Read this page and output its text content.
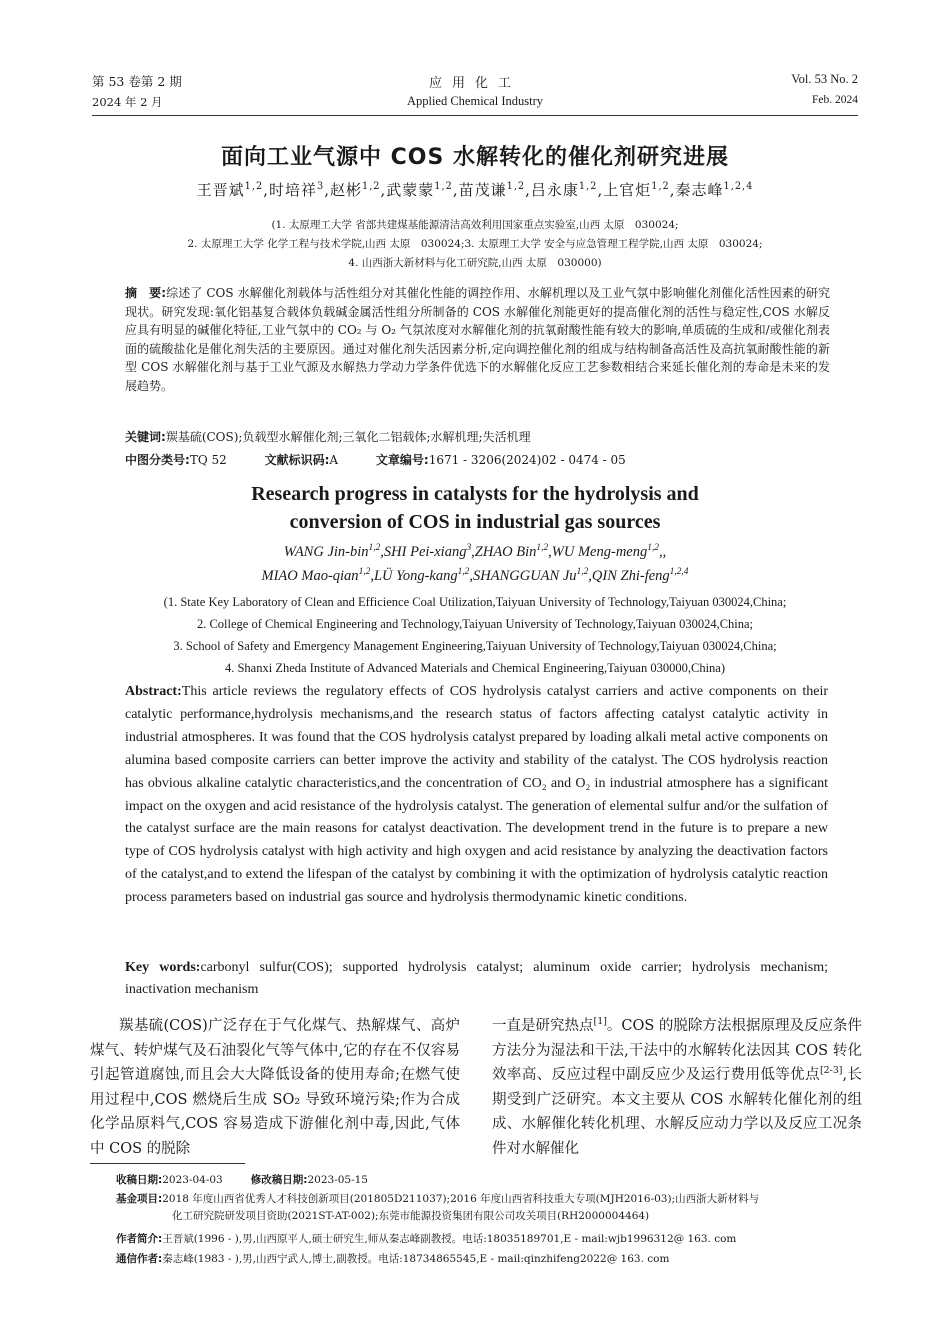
第 53 卷第 2 期
2024 年 2 月
应用化工
Applied Chemical Industry
Vol. 53 No. 2
Feb. 2024
面向工业气源中 COS 水解转化的催化剂研究进展
王晋斌$^{1,2}$,时培祥$^3$,赵彬$^{1,2}$,武蒙蒙$^{1,2}$,苗茂谦$^{1,2}$,吕永康$^{1,2}$,上官炬$^{1,2}$,秦志峰$^{1,2,4}$
(1. 太原理工大学 省部共建煤基能源清洁高效利用国家重点实验室,山西 太原　030024;
2. 太原理工大学 化学工程与技术学院,山西 太原　030024;3. 太原理工大学 安全与应急管理工程学院,山西 太原　030024;
4. 山西浙大新材料与化工研究院,山西 太原　030000)
摘　要:综述了 COS 水解催化剂载体与活性组分对其催化性能的调控作用、水解机理以及工业气氛中影响催化剂催化活性因素的研究现状。研究发现:氧化铝基复合载体负载碱金属活性组分所制备的 COS 水解催化剂能更好的提高催化剂的活性与稳定性,COS 水解反应具有明显的碱催化特征,工业气氛中的 CO₂ 与 O₂ 气氛浓度对水解催化剂的抗氧耐酸性能有较大的影响,单质硫的生成和/或催化剂表面的硫酸盐化是催化剂失活的主要原因。通过对催化剂失活因素分析,定向调控催化剂的组成与结构制备高活性及高抗氧耐酸性能的新型 COS 水解催化剂与基于工业气源及水解热力学动力学条件优选下的水解催化反应工艺参数相结合来延长催化剂的寿命是未来的发展趋势。
关键词:羰基硫(COS);负载型水解催化剂;三氧化二铝载体;水解机理;失活机理
中图分类号:TQ 52	文献标识码:A	文章编号:1671 - 3206(2024)02 - 0474 - 05
Research progress in catalysts for the hydrolysis and
conversion of COS in industrial gas sources
WANG Jin-bin$^{1,2}$,SHI Pei-xiang$^3$,ZHAO Bin$^{1,2}$,WU Meng-meng$^{1,2}$,,
MIAO Mao-qian$^{1,2}$,LÜ Yong-kang$^{1,2}$,SHANGGUAN Ju$^{1,2}$,QIN Zhi-feng$^{1,2,4}$
(1. State Key Laboratory of Clean and Efficience Coal Utilization,Taiyuan University of Technology,Taiyuan 030024,China;
2. College of Chemical Engineering and Technology,Taiyuan University of Technology,Taiyuan 030024,China;
3. School of Safety and Emergency Management Engineering,Taiyuan University of Technology,Taiyuan 030024,China;
4. Shanxi Zheda Institute of Advanced Materials and Chemical Engineering,Taiyuan 030000,China)
Abstract:This article reviews the regulatory effects of COS hydrolysis catalyst carriers and active components on their catalytic performance,hydrolysis mechanisms,and the research status of factors affecting catalyst catalytic activity in industrial atmospheres. It was found that the COS hydrolysis catalyst prepared by loading alkali metal active components on alumina based composite carriers can better improve the activity and stability of the catalyst. The COS hydrolysis reaction has obvious alkaline catalytic characteristics,and the concentration of CO₂ and O₂ in industrial atmosphere has a significant impact on the oxygen and acid resistance of the hydrolysis catalyst. The generation of elemental sulfur and/or the sulfation of the catalyst surface are the main reasons for catalyst deactivation. The development trend in the future is to prepare a new type of COS hydrolysis catalyst with high activity and high oxygen and acid resistance by analyzing the deactivation factors of the catalyst,and to extend the lifespan of the catalyst by combining it with the optimization of hydrolysis catalytic reaction process parameters based on industrial gas source and hydrolysis thermodynamic kinetic conditions.
Key words:carbonyl sulfur(COS); supported hydrolysis catalyst; aluminum oxide carrier; hydrolysis mechanism; inactivation mechanism

羰基硫(COS)广泛存在于气化煤气、热解煤气、高炉煤气、转炉煤气及石油裂化气等气体中,它的存在不仅容易引起管道腐蚀,而且会大大降低设备的使用寿命;在燃气使用过程中,COS 燃烧后生成 SO₂ 导致环境污染;作为合成化学品原料气,COS 容易造成下游催化剂中毒,因此,气体中 COS 的脱除

一直是研究热点[1]。COS 的脱除方法根据原理及反应条件方法分为湿法和干法,干法中的水解转化法因其 COS 转化效率高、反应过程中副反应少及运行费用低等优点[2-3],长期受到广泛研究。本文主要从 COS 水解转化催化剂的组成、水解催化转化机理、水解反应动力学以及反应工况条件对水解催化

收稿日期:2023-04-03	修改稿日期:2023-05-15
基金项目:2018 年度山西省优秀人才科技创新项目(201805D211037);2016 年度山西省科技重大专项(MJH2016-03);山西浙大新材料与
化工研究院研发项目资助(2021ST-AT-002);东莞市能源投资集团有限公司攻关项目(RH2000004464)
作者简介:王晋斌(1996 - ),男,山西原平人,硕士研究生,师从秦志峰副教授。电话:18035189701,E - mail:wjb1996312@ 163. com
通信作者:秦志峰(1983 - ),男,山西宁武人,博士,副教授。电话:18734865545,E - mail:qinzhifeng2022@ 163. com
